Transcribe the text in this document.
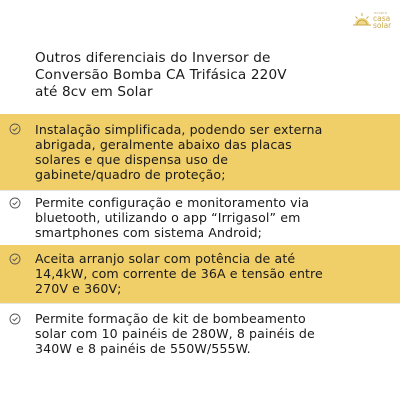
ecopro
casa
solar
Outros diferenciais do Inversor de
Conversão Bomba CA Trifásica 220V
até 8cv em Solar
Instalação simplificada, podendo ser externa
abrigada, geralmente abaixo das placas
solares e que dispensa uso de
gabinete/quadro de proteção;
Permite configuração e monitoramento via
bluetooth, utilizando o app “Irrigasol” em
smartphones com sistema Android;
Aceita arranjo solar com potência de até
14,4kW, com corrente de 36A e tensão entre
270V e 360V;
Permite formação de kit de bombeamento
solar com 10 painéis de 280W, 8 painéis de
340W e 8 painéis de 550W/555W.
